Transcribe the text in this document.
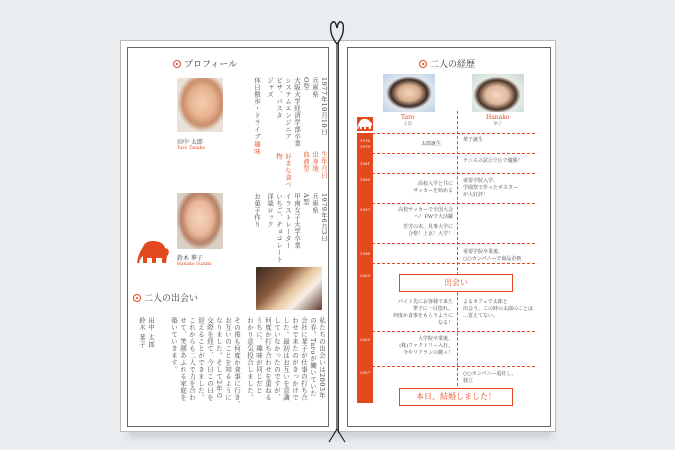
プロフィール
田中 太郎
Taro Tanaka
鈴木 華子
Hanako Suzuki
1977年10月10日
兵庫県
O型
大阪大学経済学部卒業
システムエンジニア
ピザ、パスタ
ジャズ
休日散歩・ドライブ
生年月日
出身地
血液型
好きな食べ物
趣味
1979年6月3日
兵庫県
A型
甲南女子大学卒業
イラストレーター
いちご、チョコレート
洋楽ロック
お菓子作り
二人の出会い
私たちの出会いは2003年
の春。Taroが働いていた
会社に華子が仕事の打ち合
わせで来たのがきっかけで
した。最初はお互いを意識
していなかったのですが、
何度か打ち合わせを重ねる
うちに、趣味が同じだと
わかり意気投合しました。
その後も何度か食事に行き、
お互いのことを知るように
なりました。そして2年の
交際を経て、今日この日を
迎えることができました。
これからも二人で力を合わ
せて、笑顔あふれる家庭を
築いていきます。
田中 太郎
鈴木 華子
二人の経歴
Taro
太郎
Hanako
華子
1976
1979
1981
1995
1997
1998
2003
2005
2007
太郎誕生
高校入学と共に
サッカーを始める
高校サッカーで全国大会
へ！FWで大活躍
苦労の末、見事大学に
合格！上京！大学！
パイト先にお客様で来た
華子に一目惚れ。
何度か食事をもらうように
なる！
大学院卒業後、
(株)ファクトリー入社。
今やリアランの鍵っ！
華子誕生
テニスの試合で区で優勝！
重要学院入学、
学園祭で作ったポスター
が大好評！
重要学院卒業後、
○○カンパニーで商品企画
よるカフェで太郎と
出会う。この時の太郎のことは
…覚えてない。
○○カンパニー退社し、
独立
出会い
本日、結婚しました！
